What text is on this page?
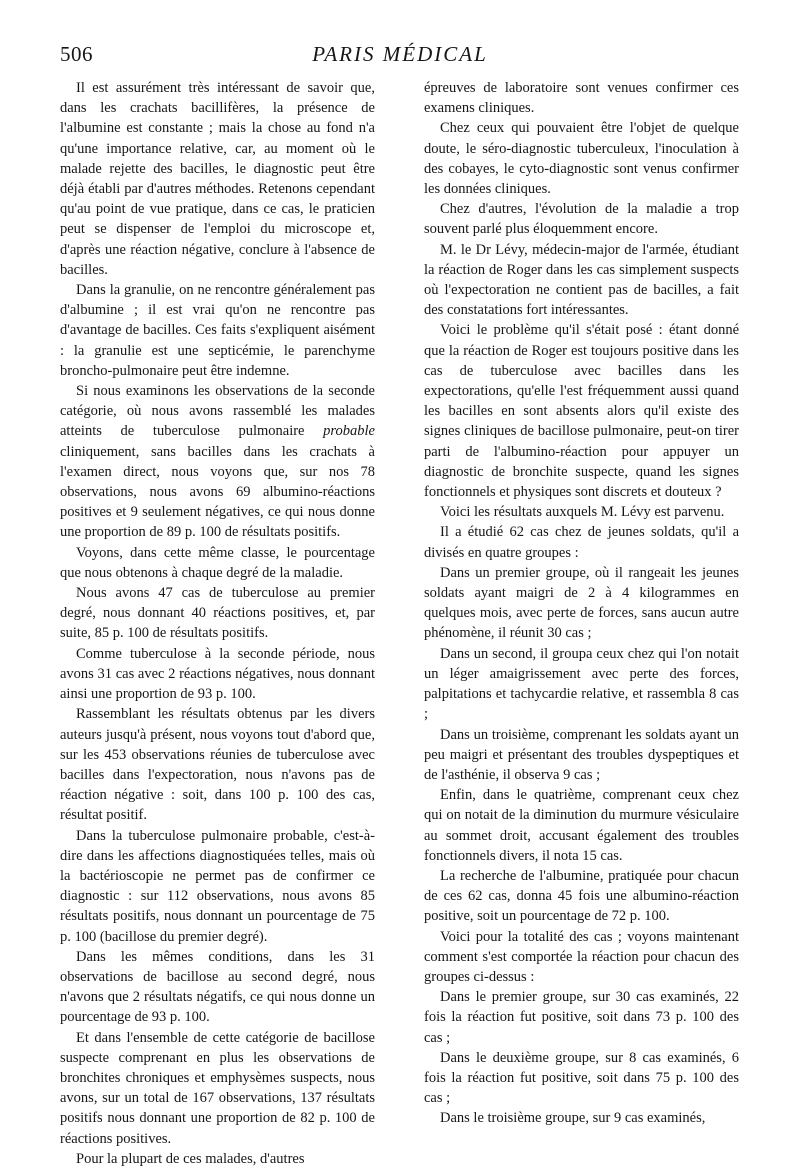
506	PARIS MÉDICAL

Il est assurément très intéressant de savoir que, dans les crachats bacillifères, la présence de l'albumine est constante ; mais la chose au fond n'a qu'une importance relative, car, au moment où le malade rejette des bacilles, le diagnostic peut être déjà établi par d'autres méthodes. Retenons cependant qu'au point de vue pratique, dans ce cas, le praticien peut se dispenser de l'emploi du microscope et, d'après une réaction négative, conclure à l'absence de bacilles.

Dans la granulie, on ne rencontre généralement pas d'albumine ; il est vrai qu'on ne rencontre pas d'avantage de bacilles. Ces faits s'expliquent aisément : la granulie est une septicémie, le parenchyme broncho-pulmonaire peut être indemne.

Si nous examinons les observations de la seconde catégorie, où nous avons rassemblé les malades atteints de tuberculose pulmonaire probable cliniquement, sans bacilles dans les crachats à l'examen direct, nous voyons que, sur nos 78 observations, nous avons 69 albumino-réactions positives et 9 seulement négatives, ce qui nous donne une proportion de 89 p. 100 de résultats positifs.

Voyons, dans cette même classe, le pourcentage que nous obtenons à chaque degré de la maladie.

Nous avons 47 cas de tuberculose au premier degré, nous donnant 40 réactions positives, et, par suite, 85 p. 100 de résultats positifs.

Comme tuberculose à la seconde période, nous avons 31 cas avec 2 réactions négatives, nous donnant ainsi une proportion de 93 p. 100.

Rassemblant les résultats obtenus par les divers auteurs jusqu'à présent, nous voyons tout d'abord que, sur les 453 observations réunies de tuberculose avec bacilles dans l'expectoration, nous n'avons pas de réaction négative : soit, dans 100 p. 100 des cas, résultat positif.

Dans la tuberculose pulmonaire probable, c'est-à-dire dans les affections diagnostiquées telles, mais où la bactérioscopie ne permet pas de confirmer ce diagnostic : sur 112 observations, nous avons 85 résultats positifs, nous donnant un pourcentage de 75 p. 100 (bacillose du premier degré).

Dans les mêmes conditions, dans les 31 observations de bacillose au second degré, nous n'avons que 2 résultats négatifs, ce qui nous donne un pourcentage de 93 p. 100.

Et dans l'ensemble de cette catégorie de bacillose suspecte comprenant en plus les observations de bronchites chroniques et emphysèmes suspects, nous avons, sur un total de 167 observations, 137 résultats positifs nous donnant une proportion de 82 p. 100 de réactions positives.

Pour la plupart de ces malades, d'autres

épreuves de laboratoire sont venues confirmer ces examens cliniques.

Chez ceux qui pouvaient être l'objet de quelque doute, le séro-diagnostic tuberculeux, l'inoculation à des cobayes, le cyto-diagnostic sont venus confirmer les données cliniques.

Chez d'autres, l'évolution de la maladie a trop souvent parlé plus éloquemment encore.

M. le Dr Lévy, médecin-major de l'armée, étudiant la réaction de Roger dans les cas simplement suspects où l'expectoration ne contient pas de bacilles, a fait des constatations fort intéressantes.

Voici le problème qu'il s'était posé : étant donné que la réaction de Roger est toujours positive dans les cas de tuberculose avec bacilles dans les expectorations, qu'elle l'est fréquemment aussi quand les bacilles en sont absents alors qu'il existe des signes cliniques de bacillose pulmonaire, peut-on tirer parti de l'albumino-réaction pour appuyer un diagnostic de bronchite suspecte, quand les signes fonctionnels et physiques sont discrets et douteux ?

Voici les résultats auxquels M. Lévy est parvenu.

Il a étudié 62 cas chez de jeunes soldats, qu'il a divisés en quatre groupes :

Dans un premier groupe, où il rangeait les jeunes soldats ayant maigri de 2 à 4 kilogrammes en quelques mois, avec perte de forces, sans aucun autre phénomène, il réunit 30 cas ;

Dans un second, il groupa ceux chez qui l'on notait un léger amaigrissement avec perte des forces, palpitations et tachycardie relative, et rassembla 8 cas ;

Dans un troisième, comprenant les soldats ayant un peu maigri et présentant des troubles dyspeptiques et de l'asthénie, il observa 9 cas ;

Enfin, dans le quatrième, comprenant ceux chez qui on notait de la diminution du murmure vésiculaire au sommet droit, accusant également des troubles fonctionnels divers, il nota 15 cas.

La recherche de l'albumine, pratiquée pour chacun de ces 62 cas, donna 45 fois une albumino-réaction positive, soit un pourcentage de 72 p. 100.

Voici pour la totalité des cas ; voyons maintenant comment s'est comportée la réaction pour chacun des groupes ci-dessus :

Dans le premier groupe, sur 30 cas examinés, 22 fois la réaction fut positive, soit dans 73 p. 100 des cas ;

Dans le deuxième groupe, sur 8 cas examinés, 6 fois la réaction fut positive, soit dans 75 p. 100 des cas ;

Dans le troisième groupe, sur 9 cas examinés,
